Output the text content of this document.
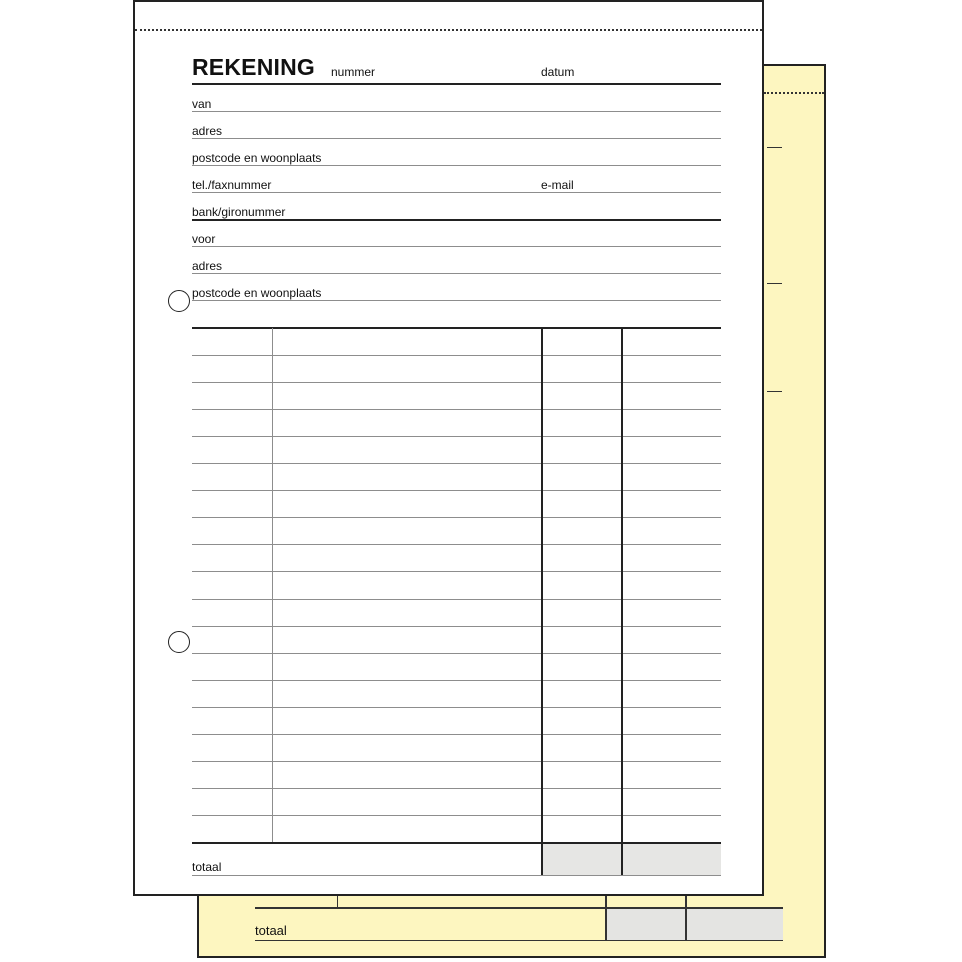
totaal
REKENING nummer	datum
van
adres
postcode en woonplaats
tel./faxnummer	e-mail
bank/gironummer
voor
adres
postcode en woonplaats
totaal
